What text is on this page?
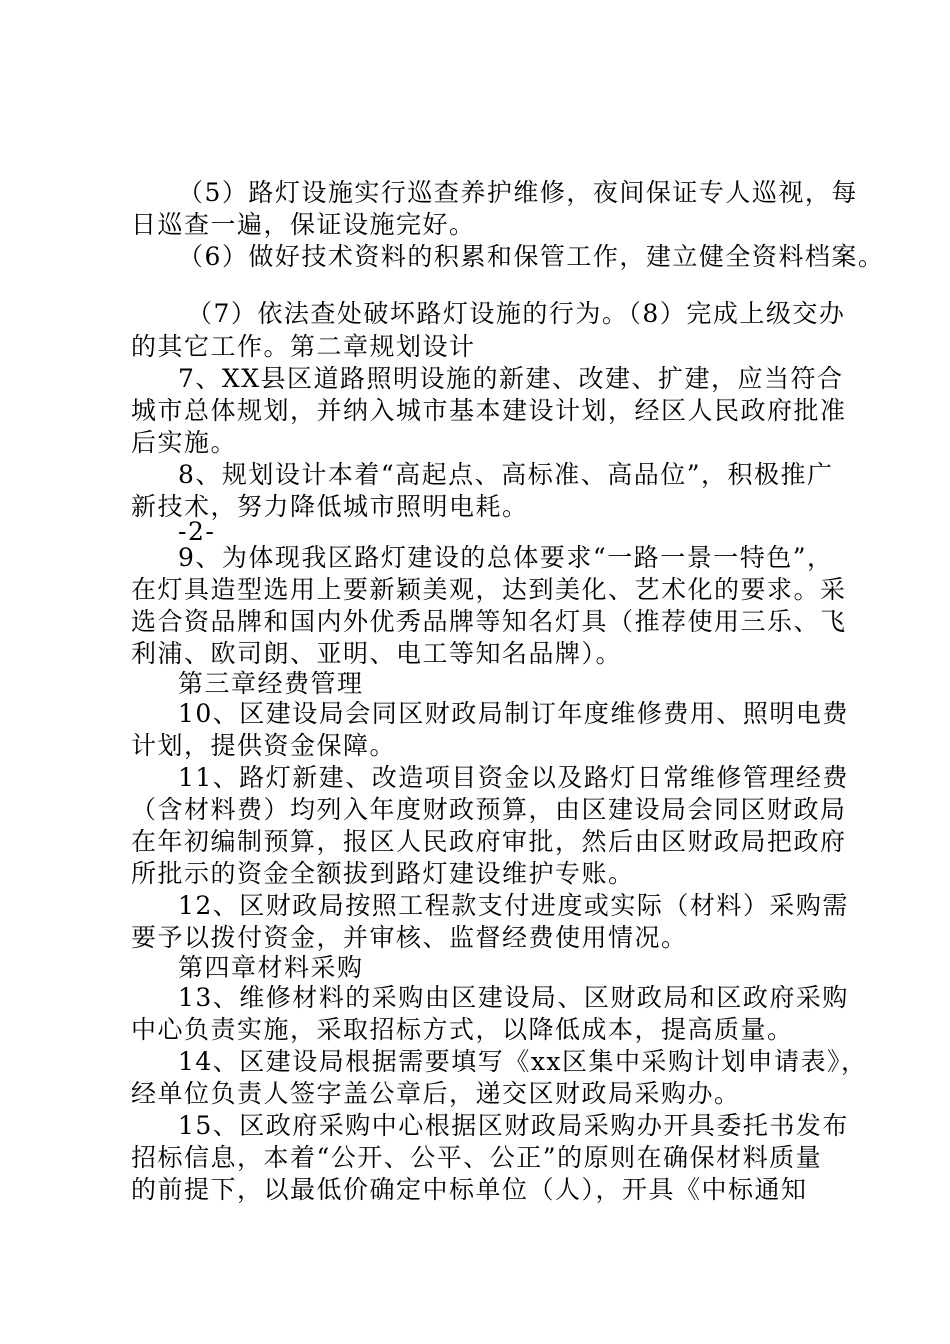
（5）路灯设施实行巡查养护维修，夜间保证专人巡视，每
日巡查一遍，保证设施完好。
（6）做好技术资料的积累和保管工作，建立健全资料档案。
（7）依法查处破坏路灯设施的行为。（8）完成上级交办
的其它工作。第二章规划设计
7、XX县区道路照明设施的新建、改建、扩建，应当符合
城市总体规划，并纳入城市基本建设计划，经区人民政府批准
后实施。
8、规划设计本着“高起点、高标准、高品位”，积极推广
新技术，努力降低城市照明电耗。
-2-
9、为体现我区路灯建设的总体要求“一路一景一特色”，
在灯具造型选用上要新颖美观，达到美化、艺术化的要求。采
选合资品牌和国内外优秀品牌等知名灯具（推荐使用三乐、飞
利浦、欧司朗、亚明、电工等知名品牌）。
第三章经费管理
10、区建设局会同区财政局制订年度维修费用、照明电费
计划，提供资金保障。
11、路灯新建、改造项目资金以及路灯日常维修管理经费
（含材料费）均列入年度财政预算，由区建设局会同区财政局
在年初编制预算，报区人民政府审批，然后由区财政局把政府
所批示的资金全额拔到路灯建设维护专账。
12、区财政局按照工程款支付进度或实际（材料）采购需
要予以拨付资金，并审核、监督经费使用情况。
第四章材料采购
13、维修材料的采购由区建设局、区财政局和区政府采购
中心负责实施，采取招标方式，以降低成本，提高质量。
14、区建设局根据需要填写《xx区集中采购计划申请表》，
经单位负责人签字盖公章后，递交区财政局采购办。
15、区政府采购中心根据区财政局采购办开具委托书发布
招标信息，本着“公开、公平、公正”的原则在确保材料质量
的前提下，以最低价确定中标单位（人），开具《中标通知
